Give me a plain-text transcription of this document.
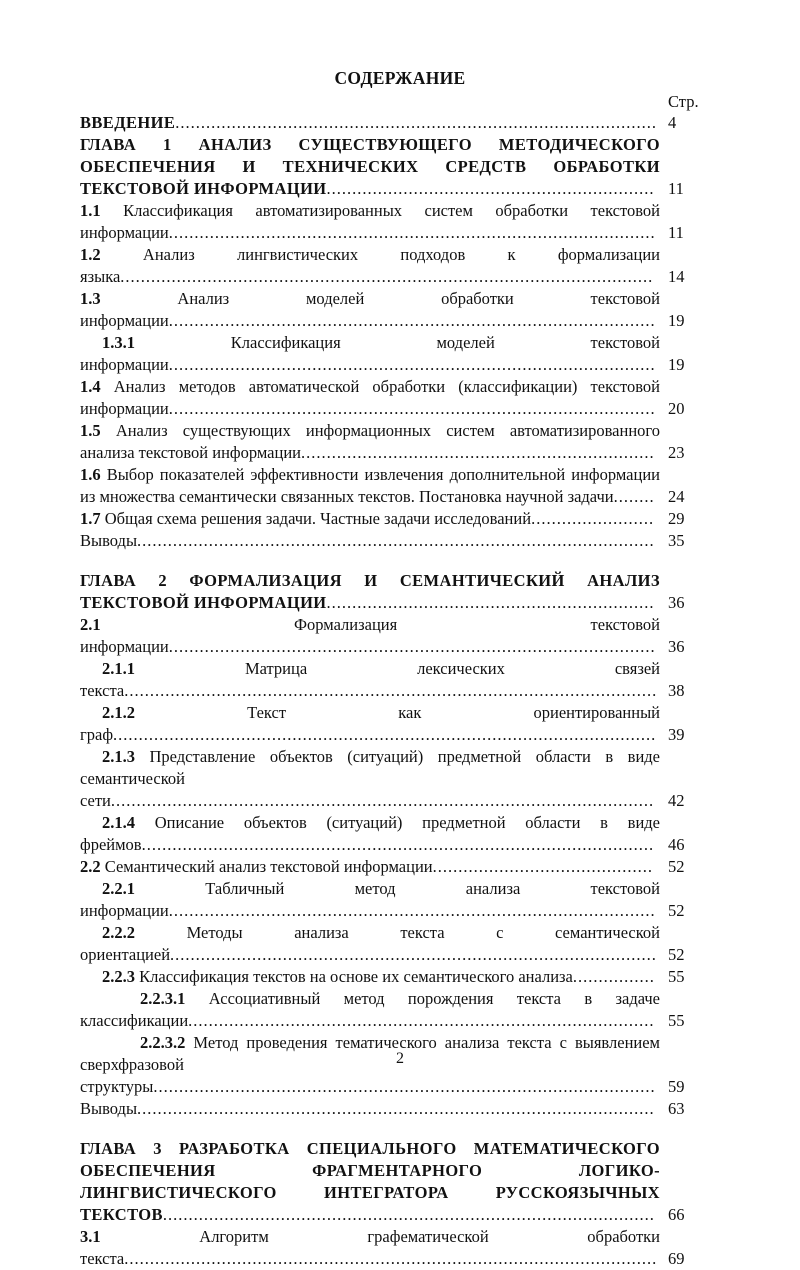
СОДЕРЖАНИЕ
Стр.
ВВЕДЕНИЕ.............................................................................................. 4
ГЛАВА 1 АНАЛИЗ СУЩЕСТВУЮЩЕГО МЕТОДИЧЕСКОГО ОБЕСПЕЧЕНИЯ И ТЕХНИЧЕСКИХ СРЕДСТВ ОБРАБОТКИ ТЕКСТОВОЙ ИНФОРМАЦИИ................................................................ 11
1.1 Классификация автоматизированных систем обработки текстовой информации............................................................................................... 11
1.2	Анализ лингвистических подходов к формализации языка........................................................................................................ 14
1.3	Анализ моделей обработки текстовой информации............................................................................................... 19
1.3.1	Классификация моделей текстовой информации............................................................................................... 19
1.4 Анализ методов автоматической обработки (классификации) текстовой информации............................................................................................... 20
1.5 Анализ существующих информационных систем автоматизированного анализа текстовой информации..................................................................... 23
1.6 Выбор показателей эффективности извлечения дополнительной информации из множества семантически связанных текстов. Постановка научной задачи........ 24
1.7 Общая схема решения задачи. Частные задачи исследований........................ 29
Выводы..................................................................................................... 35
ГЛАВА 2 ФОРМАЛИЗАЦИЯ И СЕМАНТИЧЕСКИЙ АНАЛИЗ ТЕКСТОВОЙ ИНФОРМАЦИИ................................................................ 36
2.1	Формализация текстовой информации............................................................................................... 36
2.1.1	Матрица лексических связей текста........................................................................................................ 38
2.1.2	Текст как ориентированный граф.......................................................................................................... 39
2.1.3 Представление объектов (ситуаций) предметной области в виде семантической сети.......................................................................................................... 42
2.1.4 Описание объектов (ситуаций) предметной области в виде фреймов.................................................................................................... 46
2.2 Семантический анализ текстовой информации........................................... 52
2.2.1	Табличный метод анализа текстовой информации............................................................................................... 52
2.2.2	Методы анализа текста с семантической ориентацией............................................................................................... 52
2.2.3 Классификация текстов на основе их семантического анализа................ 55
2.2.3.1 Ассоциативный метод порождения текста в задаче классификации........................................................................................... 55
2.2.3.2 Метод проведения тематического анализа текста с выявлением сверхфразовой структуры.................................................................................................. 59
Выводы..................................................................................................... 63
ГЛАВА 3 РАЗРАБОТКА СПЕЦИАЛЬНОГО МАТЕМАТИЧЕСКОГО ОБЕСПЕЧЕНИЯ ФРАГМЕНТАРНОГО ЛОГИКО-ЛИНГВИСТИЧЕСКОГО ИНТЕГРАТОРА РУССКОЯЗЫЧНЫХ ТЕКСТОВ................................................................................................ 66
3.1	Алгоритм графематической обработки текста........................................................................................................ 69
2
